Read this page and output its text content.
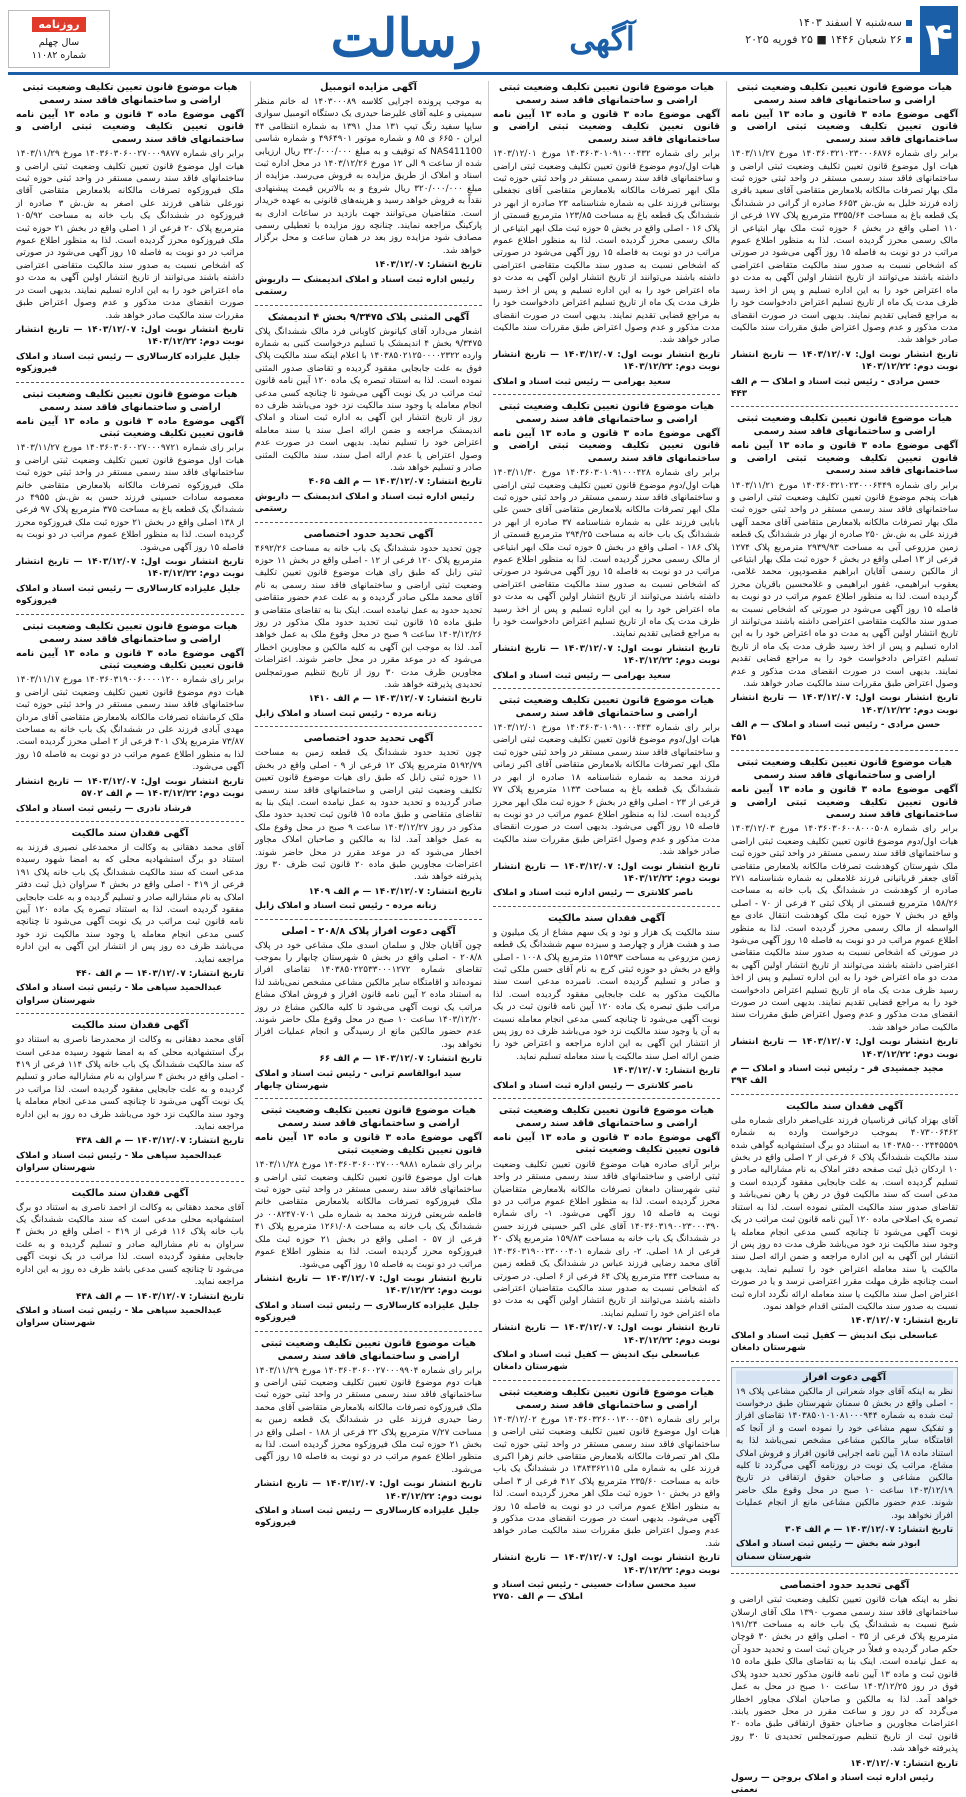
۴
سه‌شنبه ۷ اسفند ۱۴۰۳
۲۶ شعبان ۱۴۴۶ ■ ۲۵ فوریه ۲۰۲۵
آگهی
رسالت
روزنامه
سال چهلم
شماره ۱۱۰۸۲
هیات موضوع قانون تعیین تکلیف وضعیت ثبتی اراضی و ساختمانهای فاقد سند رسمی
آگهی موضوع ماده ۳ قانون و ماده ۱۳ آیین نامه قانون تعیین تکلیف وضعیت ثبتی اراضی و ساختمانهای فاقد سند رسمی
برابر رای شماره ۱۴۰۳۶۰۳۲۱۰۲۳۰۰۰۶۸۷۶ مورخ ۱۴۰۳/۱۱/۲۷ هیات اول موضوع قانون تعیین تکلیف وضعیت ثبتی اراضی و ساختمانهای فاقد سند رسمی مستقر در واحد ثبتی حوزه ثبت ملک بهار تصرفات مالکانه بلامعارض متقاضی آقای سعید باقری زاده فرزند خلیل به ش.ش ۶۶۵۳ صادره از گرانی در ششدانگ یک قطعه باغ به مساحت ۳۳۵۵/۶۴ مترمربع پلاک ۱۷۷ فرعی از ۱۱۰ اصلی واقع در بخش ۶ حوزه ثبت ملک بهار ابتیاعی از مالک رسمی محرز گردیده است. لذا به منظور اطلاع عموم مراتب در دو نوبت به فاصله ۱۵ روز آگهی می‌شود در صورتی که اشخاص نسبت به صدور سند مالکیت متقاضی اعتراضی داشته باشند می‌توانند از تاریخ انتشار اولین آگهی به مدت دو ماه اعتراض خود را به این اداره تسلیم و پس از اخذ رسید ظرف مدت یک ماه از تاریخ تسلیم اعتراض دادخواست خود را به مراجع قضایی تقدیم نمایند. بدیهی است در صورت انقضای مدت مذکور و عدم وصول اعتراض طبق مقررات سند مالکیت صادر خواهد شد.
تاریخ انتشار نوبت اول: ۱۴۰۳/۱۲/۰۷ — تاریخ انتشار نوبت دوم: ۱۴۰۳/۱۲/۲۲
حسن مرادی - رئیس ثبت اسناد و املاک — م الف ۴۴۳
هیات موضوع قانون تعیین تکلیف وضعیت ثبتی اراضی و ساختمانهای فاقد سند رسمی
آگهی موضوع ماده ۳ قانون و ماده ۱۳ آیین نامه قانون تعیین تکلیف وضعیت ثبتی اراضی و ساختمانهای فاقد سند رسمی
برابر رای شماره ۱۴۰۳۶۰۳۲۱۰۲۳۰۰۰۶۴۴۹ مورخ ۱۴۰۳/۱۱/۲۱ هیات پنجم موضوع قانون تعیین تکلیف وضعیت ثبتی اراضی و ساختمانهای فاقد سند رسمی مستقر در واحد ثبتی حوزه ثبت ملک بهار تصرفات مالکانه بلامعارض متقاضی آقای محمد آلهی فرزند علی به ش.ش ۲۵۰ صادره از بهار در ششدانگ یک قطعه زمین مزروعی آبی به مساحت ۲۹۳۹/۹۳ مترمربع پلاک ۱۲۷۴ فرعی از ۱۳ اصلی واقع در بخش ۶ حوزه ثبت ملک بهار ابتیاعی از مالکین رسمی آقایان ابراهیم مقصودپور، محمد غلامی، یعقوب ابراهیمی، غفور ابراهیمی و غلامحسین باقریان محرز گردیده است. لذا به منظور اطلاع عموم مراتب در دو نوبت به فاصله ۱۵ روز آگهی می‌شود در صورتی که اشخاص نسبت به صدور سند مالکیت متقاضی اعتراضی داشته باشند می‌توانند از تاریخ انتشار اولین آگهی به مدت دو ماه اعتراض خود را به این اداره تسلیم و پس از اخذ رسید ظرف مدت یک ماه از تاریخ تسلیم اعتراض دادخواست خود را به مراجع قضایی تقدیم نمایند. بدیهی است در صورت انقضای مدت مذکور و عدم وصول اعتراض طبق مقررات سند مالکیت صادر خواهد شد.
تاریخ انتشار نوبت اول: ۱۴۰۳/۱۲/۰۷ — تاریخ انتشار نوبت دوم: ۱۴۰۳/۱۲/۲۲
حسن مرادی - رئیس ثبت اسناد و املاک — م الف ۴۵۱
هیات موضوع قانون تعیین تکلیف وضعیت ثبتی اراضی و ساختمانهای فاقد سند رسمی
آگهی موضوع ماده ۳ قانون و ماده ۱۳ آیین نامه قانون تعیین تکلیف وضعیت ثبتی اراضی و ساختمانهای فاقد سند رسمی
برابر رای شماره ۱۴۰۳۶۰۳۰۶۰۰۸۰۰۰۵۰۸ مورخ ۱۴۰۳/۱۲/۰۳ هیات اول/دوم موضوع قانون تعیین تکلیف وضعیت ثبتی اراضی و ساختمانهای فاقد سند رسمی مستقر در واحد ثبتی حوزه ثبت ملک شهرستان کوهدشت تصرفات مالکانه بلامعارض متقاضی آقای جعفر قربانیانی فرزند غلامعلی به شماره شناسنامه ۲۷۱ صادره از کوهدشت در ششدانگ یک باب خانه به مساحت ۱۵۸/۲۶ مترمربع قسمتی از پلاک ثبتی ۲ فرعی از ۷۰ - اصلی واقع در بخش ۷ حوزه ثبت ملک کوهدشت انتقال عادی مع الواسطه از مالک رسمی محرز گردیده است. لذا به منظور اطلاع عموم مراتب در دو نوبت به فاصله ۱۵ روز آگهی می‌شود در صورتی که اشخاص نسبت به صدور سند مالکیت متقاضی اعتراضی داشته باشند می‌توانند از تاریخ انتشار اولین آگهی به مدت دو ماه اعتراض خود را به این اداره تسلیم و پس از اخذ رسید ظرف مدت یک ماه از تاریخ تسلیم اعتراض دادخواست خود را به مراجع قضایی تقدیم نمایند. بدیهی است در صورت انقضای مدت مذکور و عدم وصول اعتراض طبق مقررات سند مالکیت صادر خواهد شد.
تاریخ انتشار نوبت اول: ۱۴۰۳/۱۲/۰۷ — تاریخ انتشار نوبت دوم: ۱۴۰۳/۱۲/۲۲
مجید جمشیدی فر - رئیس ثبت اسناد و املاک — م الف ۳۹۴
آگهی فقدان سند مالکیت
آقای بهزاد کیانی فرناسیان فرزند علی‌اصغر دارای شماره ملی ۴۰۷۳۰۰۶۴۶۲ بموجب درخواست وارده به شماره ۱۴۰۳۸۵۰۰۰۲۴۴۵۵۵۹ به استناد دو برگ استشهادیه گواهی شده سند مالکیت ششدانگ پلاک ۶ فرعی از ۲ اصلی واقع در بخش ۱۰ اردکان ذیل ثبت صفحه دفتر املاک به نام مشارالیه صادر و تسلیم گردیده است. به علت جابجایی مفقود گردیده است و مدعی است که سند مالکیت فوق در رهن یا رهن نمی‌باشد و تقاضای صدور سند مالکیت المثنی نموده است. لذا به استناد تبصره یک اصلاحی ماده ۱۲۰ آیین نامه قانون ثبت مراتب در یک نوبت آگهی می‌شود تا چنانچه کسی مدعی انجام معامله یا وجود سند مالکیت نزد خود می‌باشد ظرف مدت ده روز پس از انتشار این آگهی به این اداره مراجعه و ضمن ارائه اصل سند مالکیت یا سند معامله اعتراض خود را تسلیم نماید. بدیهی است چنانچه ظرف مهلت مقرر اعتراضی نرسد و یا در صورت اعتراض اصل سند مالکیت یا سند معامله ارائه نگردد اداره ثبت نسبت به صدور سند مالکیت المثنی اقدام خواهد نمود.
تاریخ انتشار: ۱۴۰۳/۱۲/۰۷
عباسعلی نیک اندیش — کفیل ثبت اسناد و املاک شهرستان دامغان
آگهی دعوت افراز
نظر به اینکه آقای جواد شعرانی از مالکین مشاعی پلاک ۱۹ - اصلی واقع در بخش ۵ سمنان شهرستان طبق درخواست ثبت شده به شماره ۱۴۰۳۸۵۰۱۰۱۰۸۱۰۰۰۹۴۴ تقاضای افراز و تفکیک سهم مشاعی خود را نموده است و از آنجا که اقامتگاه سایر مالکین مشاعی مشخص نمی‌باشد لذا به استناد ماده ۱۸ آیین نامه اجرایی قانون افراز و فروش املاک مشاع، مراتب یک نوبت در روزنامه آگهی می‌گردد تا کلیه مالکین مشاعی و صاحبان حقوق ارتفاقی در تاریخ ۱۴۰۳/۱۲/۱۹ ساعت ۱۰ صبح در محل وقوع ملک حاضر شوند. عدم حضور مالکین مشاعی مانع از انجام عملیات افراز نخواهد بود.
تاریخ انتشار: ۱۴۰۳/۱۲/۰۷ — م الف ۳۰۴
ابوذر شه بخش — رئیس ثبت اسناد و املاک شهرستان سمنان
آگهی تحدید حدود اختصاصی
نظر به اینکه هیات قانون تعیین تکلیف وضعیت ثبتی اراضی و ساختمانهای فاقد سند رسمی مصوب ۱۳۹۰ ملک آقای ارسلان شیخ نسبت به ششدانگ یک باب خانه به مساحت ۱۹۱/۲۴ مترمربع پلاک فرعی از ۳۵ - اصلی واقع در بخش ۳۰ قوچان حکم صادر گردیده و فعلاً در جریان ثبت است و تحدید حدود آن به عمل نیامده است. اینک بنا به تقاضای مالک طبق ماده ۱۵ قانون ثبت و ماده ۱۳ آیین نامه قانون مذکور تحدید حدود پلاک فوق در روز ۱۴۰۳/۱۲/۲۵ ساعت ۱۰ صبح در محل به عمل خواهد آمد. لذا به مالکین و صاحبان املاک مجاور اخطار می‌گردد که در روز و ساعت مقرر در محل حضور یابند. اعتراضات مجاورین و صاحبان حقوق ارتفاقی طبق ماده ۲۰ قانون ثبت از تاریخ تنظیم صورتمجلس تحدیدی تا ۳۰ روز پذیرفته خواهد شد.
تاریخ انتشار: ۱۴۰۳/۱۲/۰۷
رئیس اداره ثبت اسناد و املاک بروجن — رسول نعمتی
هیات موضوع قانون تعیین تکلیف وضعیت ثبتی اراضی و ساختمانهای فاقد سند رسمی
آگهی موضوع ماده ۳ قانون و ماده ۱۳ آیین نامه قانون تعیین تکلیف وضعیت ثبتی اراضی و ساختمانهای فاقد سند رسمی
برابر رای شماره ۱۴۰۳۶۰۳۰۱۰۹۱۰۰۰۴۳۲ مورخ ۱۴۰۳/۱۲/۰۱ هیات اول/دوم موضوع قانون تعیین تکلیف وضعیت ثبتی اراضی و ساختمانهای فاقد سند رسمی مستقر در واحد ثبتی حوزه ثبت ملک ابهر تصرفات مالکانه بلامعارض متقاضی آقای نجفعلی بوستانی فرزند علی به شماره شناسنامه ۲۳ صادره از ابهر در ششدانگ یک قطعه باغ به مساحت ۱۲۳/۸۵ مترمربع قسمتی از پلاک ۱۶ - اصلی واقع در بخش ۵ حوزه ثبت ملک ابهر ابتیاعی از مالک رسمی محرز گردیده است. لذا به منظور اطلاع عموم مراتب در دو نوبت به فاصله ۱۵ روز آگهی می‌شود در صورتی که اشخاص نسبت به صدور سند مالکیت متقاضی اعتراضی داشته باشند می‌توانند از تاریخ انتشار اولین آگهی به مدت دو ماه اعتراض خود را به این اداره تسلیم و پس از اخذ رسید ظرف مدت یک ماه از تاریخ تسلیم اعتراض دادخواست خود را به مراجع قضایی تقدیم نمایند. بدیهی است در صورت انقضای مدت مذکور و عدم وصول اعتراض طبق مقررات سند مالکیت صادر خواهد شد.
تاریخ انتشار نوبت اول: ۱۴۰۳/۱۲/۰۷ — تاریخ انتشار نوبت دوم: ۱۴۰۳/۱۲/۲۲
سعید بهرامی — رئیس ثبت اسناد و املاک
هیات موضوع قانون تعیین تکلیف وضعیت ثبتی اراضی و ساختمانهای فاقد سند رسمی
آگهی موضوع ماده ۳ قانون و ماده ۱۳ آیین نامه قانون تعیین تکلیف وضعیت ثبتی اراضی و ساختمانهای فاقد سند رسمی
برابر رای شماره ۱۴۰۳۶۰۳۰۱۰۹۱۰۰۰۴۲۸ مورخ ۱۴۰۳/۱۱/۳۰ هیات اول/دوم موضوع قانون تعیین تکلیف وضعیت ثبتی اراضی و ساختمانهای فاقد سند رسمی مستقر در واحد ثبتی حوزه ثبت ملک ابهر تصرفات مالکانه بلامعارض متقاضی آقای حسن علی بابایی فرزند علی به شماره شناسنامه ۳۷ صادره از ابهر در ششدانگ یک باب خانه به مساحت ۲۹۴/۲۵ مترمربع قسمتی از پلاک ۱۸۶ - اصلی واقع در بخش ۵ حوزه ثبت ملک ابهر ابتیاعی از مالک رسمی محرز گردیده است. لذا به منظور اطلاع عموم مراتب در دو نوبت به فاصله ۱۵ روز آگهی می‌شود در صورتی که اشخاص نسبت به صدور سند مالکیت متقاضی اعتراضی داشته باشند می‌توانند از تاریخ انتشار اولین آگهی به مدت دو ماه اعتراض خود را به این اداره تسلیم و پس از اخذ رسید ظرف مدت یک ماه از تاریخ تسلیم اعتراض دادخواست خود را به مراجع قضایی تقدیم نمایند.
تاریخ انتشار نوبت اول: ۱۴۰۳/۱۲/۰۷ — تاریخ انتشار نوبت دوم: ۱۴۰۳/۱۲/۲۲
سعید بهرامی — رئیس ثبت اسناد و املاک
هیات موضوع قانون تعیین تکلیف وضعیت ثبتی اراضی و ساختمانهای فاقد سند رسمی
برابر رای شماره ۱۴۰۳۶۰۳۰۱۰۹۱۰۰۰۴۴۳ مورخ ۱۴۰۳/۱۲/۰۱ هیات اول/دوم موضوع قانون تعیین تکلیف وضعیت ثبتی اراضی و ساختمانهای فاقد سند رسمی مستقر در واحد ثبتی حوزه ثبت ملک ابهر تصرفات مالکانه بلامعارض متقاضی آقای اکبر زمانی فرزند محمد به شماره شناسنامه ۱۸ صادره از ابهر در ششدانگ یک قطعه باغ به مساحت ۱۱۳۳ مترمربع پلاک ۷۷ فرعی از ۲۳ - اصلی واقع در بخش ۶ حوزه ثبت ملک ابهر محرز گردیده است. لذا به منظور اطلاع عموم مراتب در دو نوبت به فاصله ۱۵ روز آگهی می‌شود. بدیهی است در صورت انقضای مدت مذکور و عدم وصول اعتراض طبق مقررات سند مالکیت صادر خواهد شد.
تاریخ انتشار نوبت اول: ۱۴۰۳/۱۲/۰۷ — تاریخ انتشار نوبت دوم: ۱۴۰۳/۱۲/۲۲
ناصر کلانتری — رئیس اداره ثبت اسناد و املاک
آگهی فقدان سند مالکیت
سند مالکیت یک هزار و نود و یک سهم مشاع از یک میلیون و صد و هشت هزار و چهارصد و سیزده سهم ششدانگ یک قطعه زمین مزروعی به مساحت ۱۱۵۳۹۳ مترمربع پلاک ۱۰۰۸ - اصلی واقع در بخش دو حوزه ثبتی کرج به نام آقای حسن ملکی ثبت و صادر و تسلیم گردیده است. نامبرده مدعی است سند مالکیت مذکور به علت جابجایی مفقود گردیده است. لذا مراتب طبق تبصره یک ماده ۱۲۰ آیین نامه قانون ثبت در یک نوبت آگهی می‌شود تا چنانچه کسی مدعی انجام معامله نسبت به آن یا وجود سند مالکیت نزد خود می‌باشد ظرف ده روز پس از انتشار این آگهی به این اداره مراجعه و اعتراض خود را ضمن ارائه اصل سند مالکیت یا سند معامله تسلیم نماید.
تاریخ انتشار: ۱۴۰۳/۱۲/۰۷
ناصر کلانتری — رئیس اداره ثبت اسناد و املاک
هیات موضوع قانون تعیین تکلیف وضعیت ثبتی اراضی و ساختمانهای فاقد سند رسمی
آگهی موضوع ماده ۳ قانون و ماده ۱۳ آیین نامه قانون تعیین تکلیف وضعیت ثبتی
برابر آرای صادره هیات موضوع قانون تعیین تکلیف وضعیت ثبتی اراضی و ساختمانهای فاقد سند رسمی مستقر در واحد ثبتی شهرستان دامغان تصرفات مالکانه بلامعارض متقاضیان محرز گردیده است. لذا به منظور اطلاع عموم مراتب در دو نوبت به فاصله ۱۵ روز آگهی می‌شود. ۱- رای شماره ۱۴۰۳۶۰۳۱۹۰۰۲۳۰۰۰۳۹۰ آقای علی اکبر حسینی فرزند حسن در ششدانگ یک باب خانه به مساحت ۱۵۹/۸۳ مترمربع پلاک ۲۰ فرعی از ۱۸ اصلی. ۲- رای شماره ۱۴۰۳۶۰۳۱۹۰۰۲۳۰۰۰۴۰۱ آقای محمد رضایی فرزند عباس در ششدانگ یک قطعه زمین به مساحت ۳۴۴ مترمربع پلاک ۶۴ فرعی از ۶ اصلی. در صورتی که اشخاص نسبت به صدور سند مالکیت متقاضیان اعتراضی داشته باشند می‌توانند از تاریخ انتشار اولین آگهی به مدت دو ماه اعتراض خود را تسلیم نمایند.
تاریخ انتشار نوبت اول: ۱۴۰۳/۱۲/۰۷ — تاریخ انتشار نوبت دوم: ۱۴۰۳/۱۲/۲۲
عباسعلی نیک اندیش — کفیل ثبت اسناد و املاک شهرستان دامغان
هیات موضوع قانون تعیین تکلیف وضعیت ثبتی اراضی و ساختمانهای فاقد سند رسمی
برابر رای شماره ۱۴۰۳۶۰۳۲۶۰۰۱۳۰۰۰۵۴۱ مورخ ۱۴۰۳/۱۲/۰۲ هیات اول موضوع قانون تعیین تکلیف وضعیت ثبتی اراضی و ساختمانهای فاقد سند رسمی مستقر در واحد ثبتی حوزه ثبت ملک اهر تصرفات مالکانه بلامعارض متقاضی خانم زهرا اکبری فرزند علی به شماره ملی ۱۳۸۴۳۶۲۱۱۵ در ششدانگ یک باب خانه به مساحت ۲۳۵/۶۰ مترمربع پلاک ۴۱۲ فرعی از ۳ اصلی واقع در بخش ۱۰ حوزه ثبت ملک اهر محرز گردیده است. لذا به منظور اطلاع عموم مراتب در دو نوبت به فاصله ۱۵ روز آگهی می‌شود. بدیهی است در صورت انقضای مدت مذکور و عدم وصول اعتراض طبق مقررات سند مالکیت صادر خواهد شد.
تاریخ انتشار نوبت اول: ۱۴۰۳/۱۲/۰۷ — تاریخ انتشار نوبت دوم: ۱۴۰۳/۱۲/۲۲
سید محسن سادات حسینی - رئیس ثبت اسناد و املاک — م الف ۲۷۵۰
آگهی مزایده اتومبیل
به موجب پرونده اجرایی کلاسه ۱۴۰۳۰۰۰۸۹ له خانم منظر سیمینی و علیه آقای علیرضا حیدری یک دستگاه اتومبیل سواری سایپا سفید رنگ تیپ ۱۳۱ مدل ۱۳۹۱ به شماره انتظامی ۴۴ ایران - ۶۶۵ ی ۸۵ و شماره موتور ۴۹۶۴۹۰۱ و شماره شاسی NAS411100 که توقیف و به مبلغ ۳۲۰/۰۰۰/۰۰۰ ریال ارزیابی شده از ساعت ۹ الی ۱۲ مورخ ۱۴۰۳/۱۲/۲۶ در محل اداره ثبت اسناد و املاک از طریق مزایده به فروش می‌رسد. مزایده از مبلغ ۳۲۰/۰۰۰/۰۰۰ ریال شروع و به بالاترین قیمت پیشنهادی نقداً به فروش خواهد رسید و هزینه‌های قانونی به عهده خریدار است. متقاضیان می‌توانند جهت بازدید در ساعات اداری به پارکینگ مراجعه نمایند. چنانچه روز مزایده با تعطیلی رسمی مصادف شود مزایده روز بعد در همان ساعت و محل برگزار خواهد شد.
تاریخ انتشار: ۱۴۰۳/۱۲/۰۷
رئیس اداره ثبت اسناد و املاک اندیمشک — داریوش رستمی
آگهی المثنی پلاک ۹/۳۴۷۵ بخش ۴ اندیمشک
اشعار می‌دارد آقای کیانوش کاوبانی فرد مالک ششدانگ پلاک ۹/۳۴۷۵ بخش ۴ اندیمشک با تسلیم درخواست کتبی به شماره وارده ۱۴۰۳۸۵۰۲۱۲۵۰۰۰۰۲۳۲۲ با اعلام اینکه سند مالکیت پلاک فوق به علت جابجایی مفقود گردیده و تقاضای صدور المثنی نموده است. لذا به استناد تبصره یک ماده ۱۲۰ آیین نامه قانون ثبت مراتب در یک نوبت آگهی می‌شود تا چنانچه کسی مدعی انجام معامله یا وجود سند مالکیت نزد خود می‌باشد ظرف ده روز از تاریخ انتشار این آگهی به اداره ثبت اسناد و املاک اندیمشک مراجعه و ضمن ارائه اصل سند یا سند معامله اعتراض خود را تسلیم نماید. بدیهی است در صورت عدم وصول اعتراض یا عدم ارائه اصل سند، سند مالکیت المثنی صادر و تسلیم خواهد شد.
تاریخ انتشار: ۱۴۰۳/۱۲/۰۷ — م الف ۴۰۶۵
رئیس اداره ثبت اسناد و املاک اندیمشک — داریوش رستمی
آگهی تحدید حدود اختصاصی
چون تحدید حدود ششدانگ یک باب خانه به مساحت ۴۶۹۲/۲۶ مترمربع پلاک ۱۲۰ فرعی از ۱۲ - اصلی واقع در بخش ۱۱ حوزه ثبتی زابل که طبق رای هیات موضوع قانون تعیین تکلیف وضعیت ثبتی اراضی و ساختمانهای فاقد سند رسمی به نام آقای محمد ملکی صادر گردیده و به علت عدم حضور متقاضی تحدید حدود به عمل نیامده است. اینک بنا به تقاضای متقاضی و طبق ماده ۱۵ قانون ثبت تحدید حدود ملک مذکور در روز ۱۴۰۳/۱۲/۲۶ ساعت ۹ صبح در محل وقوع ملک به عمل خواهد آمد. لذا به موجب این آگهی به کلیه مالکین و مجاورین اخطار می‌شود که در موعد مقرر در محل حاضر شوند. اعتراضات مجاورین ظرف مدت ۳۰ روز از تاریخ تنظیم صورتمجلس تحدیدی پذیرفته خواهد شد.
تاریخ انتشار: ۱۴۰۳/۱۲/۰۷ — م الف ۱۴۱۰
زنانه مرده - رئیس ثبت اسناد و املاک زابل
آگهی تحدید حدود اختصاصی
چون تحدید حدود ششدانگ یک قطعه زمین به مساحت ۵۱۹۲/۷۹ مترمربع پلاک ۱۲ فرعی از ۹ - اصلی واقع در بخش ۱۱ حوزه ثبتی زابل که طبق رای هیات موضوع قانون تعیین تکلیف وضعیت ثبتی اراضی و ساختمانهای فاقد سند رسمی صادر گردیده و تحدید حدود به عمل نیامده است. اینک بنا به تقاضای متقاضی و طبق ماده ۱۵ قانون ثبت تحدید حدود ملک مذکور در روز ۱۴۰۳/۱۲/۲۷ ساعت ۹ صبح در محل وقوع ملک به عمل خواهد آمد. لذا به مالکین و صاحبان املاک مجاور اخطار می‌شود که در موعد مقرر در محل حاضر شوند. اعتراضات مجاورین طبق ماده ۲۰ قانون ثبت ظرف ۳۰ روز پذیرفته خواهد شد.
تاریخ انتشار: ۱۴۰۳/۱۲/۰۷ — م الف ۱۴۰۹
زنانه مرده - رئیس ثبت اسناد و املاک زابل
آگهی دعوت افراز پلاک ۲۰۸/۸ - اصلی
چون آقایان جلال و سلمان اسدی ملک مشاعی خود در پلاک ۲۰۸/۸ - اصلی واقع در بخش ۵ شهرستان چابهار را بموجب تقاضای شماره ۱۴۰۳۸۵۰۲۲۵۳۳۰۰۰۱۲۷۲ تقاضای افراز نموده‌اند و اقامتگاه سایر مالکین مشاعی مشخص نمی‌باشد لذا به استناد ماده ۲ آیین نامه قانون افراز و فروش املاک مشاع مراتب یک نوبت آگهی می‌شود تا کلیه مالکین مشاع در روز ۱۴۰۳/۱۲/۲۰ ساعت ۱۰ صبح در محل وقوع ملک حاضر شوند. عدم حضور مالکین مانع از رسیدگی و انجام عملیات افراز نخواهد بود.
تاریخ انتشار: ۱۴۰۳/۱۲/۰۷ — م الف ۶۶
سید ابوالقاسم ترابی - رئیس ثبت اسناد و املاک شهرستان چابهار
هیات موضوع قانون تعیین تکلیف وضعیت ثبتی اراضی و ساختمانهای فاقد سند رسمی
آگهی موضوع ماده ۳ قانون و ماده ۱۳ آیین نامه قانون تعیین تکلیف وضعیت ثبتی
برابر رای شماره ۱۴۰۳۶۰۳۰۶۰۰۲۷۰۰۰۹۸۸۱ مورخ ۱۴۰۳/۱۱/۲۸ هیات اول موضوع قانون تعیین تکلیف وضعیت ثبتی اراضی و ساختمانهای فاقد سند رسمی مستقر در واحد ثبتی حوزه ثبت ملک فیروزکوه تصرفات مالکانه بلامعارض متقاضی خانم فاطمه شریعتی فرزند محمد به شماره ملی ۰۰۸۲۴۷۰۷۰۱ در ششدانگ یک باب خانه به مساحت ۱۲۶۱/۰۸ مترمربع پلاک ۴۱ فرعی از ۵۷ - اصلی واقع در بخش ۲۱ حوزه ثبت ملک فیروزکوه محرز گردیده است. لذا به منظور اطلاع عموم مراتب در دو نوبت به فاصله ۱۵ روز آگهی می‌شود.
تاریخ انتشار نوبت اول: ۱۴۰۳/۱۲/۰۷ — تاریخ انتشار نوبت دوم: ۱۴۰۳/۱۲/۲۲
جلیل علیزاده کارسالاری — رئیس ثبت اسناد و املاک فیروزکوه
هیات موضوع قانون تعیین تکلیف وضعیت ثبتی اراضی و ساختمانهای فاقد سند رسمی
برابر رای شماره ۱۴۰۳۶۰۳۰۶۰۰۲۷۰۰۰۹۹۰۴ مورخ ۱۴۰۳/۱۱/۲۹ هیات دوم موضوع قانون تعیین تکلیف وضعیت ثبتی اراضی و ساختمانهای فاقد سند رسمی مستقر در واحد ثبتی حوزه ثبت ملک فیروزکوه تصرفات مالکانه بلامعارض متقاضی آقای محمد رضا حیدری فرزند علی در ششدانگ یک قطعه زمین به مساحت ۷/۲۷ مترمربع پلاک ۲۲ فرعی از ۱۸۸ - اصلی واقع در بخش ۲۱ حوزه ثبت ملک فیروزکوه محرز گردیده است. لذا به منظور اطلاع عموم مراتب در دو نوبت به فاصله ۱۵ روز آگهی می‌شود.
تاریخ انتشار نوبت اول: ۱۴۰۳/۱۲/۰۷ — تاریخ انتشار نوبت دوم: ۱۴۰۳/۱۲/۲۲
جلیل علیزاده کارسالاری — رئیس ثبت اسناد و املاک فیروزکوه
هیات موضوع قانون تعیین تکلیف وضعیت ثبتی اراضی و ساختمانهای فاقد سند رسمی
آگهی موضوع ماده ۳ قانون و ماده ۱۳ آیین نامه قانون تعیین تکلیف وضعیت ثبتی اراضی و ساختمانهای فاقد سند رسمی
برابر رای شماره ۱۴۰۳۶۰۳۰۶۰۰۲۷۰۰۰۹۸۷۷ مورخ ۱۴۰۳/۱۱/۲۹ هیات اول موضوع قانون تعیین تکلیف وضعیت ثبتی اراضی و ساختمانهای فاقد سند رسمی مستقر در واحد ثبتی حوزه ثبت ملک فیروزکوه تصرفات مالکانه بلامعارض متقاضی آقای نورعلی شاهی فرزند علی اصغر به ش.ش ۳ صادره از فیروزکوه در ششدانگ یک باب خانه به مساحت ۱۰۵/۹۲ مترمربع پلاک ۲۰ فرعی از ۱ اصلی واقع در بخش ۲۱ حوزه ثبت ملک فیروزکوه محرز گردیده است. لذا به منظور اطلاع عموم مراتب در دو نوبت به فاصله ۱۵ روز آگهی می‌شود در صورتی که اشخاص نسبت به صدور سند مالکیت متقاضی اعتراضی داشته باشند می‌توانند از تاریخ انتشار اولین آگهی به مدت دو ماه اعتراض خود را به این اداره تسلیم نمایند. بدیهی است در صورت انقضای مدت مذکور و عدم وصول اعتراض طبق مقررات سند مالکیت صادر خواهد شد.
تاریخ انتشار نوبت اول: ۱۴۰۳/۱۲/۰۷ — تاریخ انتشار نوبت دوم: ۱۴۰۳/۱۲/۲۲
جلیل علیزاده کارسالاری — رئیس ثبت اسناد و املاک فیروزکوه
هیات موضوع قانون تعیین تکلیف وضعیت ثبتی اراضی و ساختمانهای فاقد سند رسمی
آگهی موضوع ماده ۳ قانون و ماده ۱۳ آیین نامه قانون تعیین تکلیف وضعیت ثبتی
برابر رای شماره ۱۴۰۳۶۰۳۰۶۰۰۲۷۰۰۰۹۷۲۱ مورخ ۱۴۰۳/۱۱/۲۷ هیات اول موضوع قانون تعیین تکلیف وضعیت ثبتی اراضی و ساختمانهای فاقد سند رسمی مستقر در واحد ثبتی حوزه ثبت ملک فیروزکوه تصرفات مالکانه بلامعارض متقاضی خانم معصومه سادات حسینی فرزند حسن به ش.ش ۴۹۵۵ در ششدانگ یک قطعه باغ به مساحت ۳۷۵ مترمربع پلاک ۹۷ فرعی از ۱۳۸ اصلی واقع در بخش ۲۱ حوزه ثبت ملک فیروزکوه محرز گردیده است. لذا به منظور اطلاع عموم مراتب در دو نوبت به فاصله ۱۵ روز آگهی می‌شود.
تاریخ انتشار نوبت اول: ۱۴۰۳/۱۲/۰۷ — تاریخ انتشار نوبت دوم: ۱۴۰۳/۱۲/۲۲
جلیل علیزاده کارسالاری — رئیس ثبت اسناد و املاک فیروزکوه
هیات موضوع قانون تعیین تکلیف وضعیت ثبتی اراضی و ساختمانهای فاقد سند رسمی
آگهی موضوع ماده ۳ قانون و ماده ۱۳ آیین نامه قانون تعیین تکلیف وضعیت ثبتی
برابر رای شماره ۱۴۰۳۶۰۳۱۹۰۰۶۰۰۰۰۱۲۰۰ مورخ ۱۴۰۳/۱۱/۱۷ هیات دوم موضوع قانون تعیین تکلیف وضعیت ثبتی اراضی و ساختمانهای فاقد سند رسمی مستقر در واحد ثبتی حوزه ثبت ملک کرمانشاه تصرفات مالکانه بلامعارض متقاضی آقای مردان مهدی آبادی فرزند علی در ششدانگ یک باب خانه به مساحت ۷۳/۸۷ مترمربع پلاک ۴۰۱ فرعی از ۲ اصلی محرز گردیده است. لذا به منظور اطلاع عموم مراتب در دو نوبت به فاصله ۱۵ روز آگهی می‌شود.
تاریخ انتشار نوبت اول: ۱۴۰۳/۱۲/۰۷ — تاریخ انتشار نوبت دوم: ۱۴۰۳/۱۲/۲۲ — م الف ۵۷۰۲
فرشاد نادری — رئیس ثبت اسناد و املاک
آگهی فقدان سند مالکیت
آقای محمد دهقانی به وکالت از محمدعلی نصیری فرزند به استناد دو برگ استشهادیه محلی که به امضا شهود رسیده مدعی است که سند مالکیت ششدانگ یک باب خانه پلاک ۱۹۱ فرعی از ۴۱۹ - اصلی واقع در بخش ۴ سراوان ذیل ثبت دفتر املاک به نام مشارالیه صادر و تسلیم گردیده و به علت جابجایی مفقود گردیده است. لذا به استناد تبصره یک ماده ۱۲۰ آیین نامه قانون ثبت مراتب در یک نوبت آگهی می‌شود تا چنانچه کسی مدعی انجام معامله یا وجود سند مالکیت نزد خود می‌باشد ظرف ده روز پس از انتشار این آگهی به این اداره مراجعه نماید.
تاریخ انتشار: ۱۴۰۳/۱۲/۰۷ — م الف ۴۴۰
عبدالحمید سپاهی ملا - رئیس ثبت اسناد و املاک شهرستان سراوان
آگهی فقدان سند مالکیت
آقای محمد دهقانی به وکالت از محمدرضا ناصری به استناد دو برگ استشهادیه محلی که به امضا شهود رسیده مدعی است که سند مالکیت ششدانگ یک باب خانه پلاک ۱۱۴ فرعی از ۴۱۹ - اصلی واقع در بخش ۴ سراوان به نام مشارالیه صادر و تسلیم گردیده و به علت جابجایی مفقود گردیده است. لذا مراتب در یک نوبت آگهی می‌شود تا چنانچه کسی مدعی انجام معامله یا وجود سند مالکیت نزد خود می‌باشد ظرف ده روز به این اداره مراجعه نماید.
تاریخ انتشار: ۱۴۰۳/۱۲/۰۷ — م الف ۴۳۸
عبدالحمید سپاهی ملا - رئیس ثبت اسناد و املاک شهرستان سراوان
آگهی فقدان سند مالکیت
آقای محمد دهقانی به وکالت از احمد ناصری به استناد دو برگ استشهادیه محلی مدعی است که سند مالکیت ششدانگ یک باب خانه پلاک ۱۱۶ فرعی از ۴۱۹ - اصلی واقع در بخش ۴ سراوان به نام مشارالیه صادر و تسلیم گردیده و به علت جابجایی مفقود گردیده است. لذا مراتب در یک نوبت آگهی می‌شود تا چنانچه کسی مدعی باشد ظرف ده روز به این اداره مراجعه نماید.
تاریخ انتشار: ۱۴۰۳/۱۲/۰۷ — م الف ۴۳۸
عبدالحمید سپاهی ملا - رئیس ثبت اسناد و املاک شهرستان سراوان
